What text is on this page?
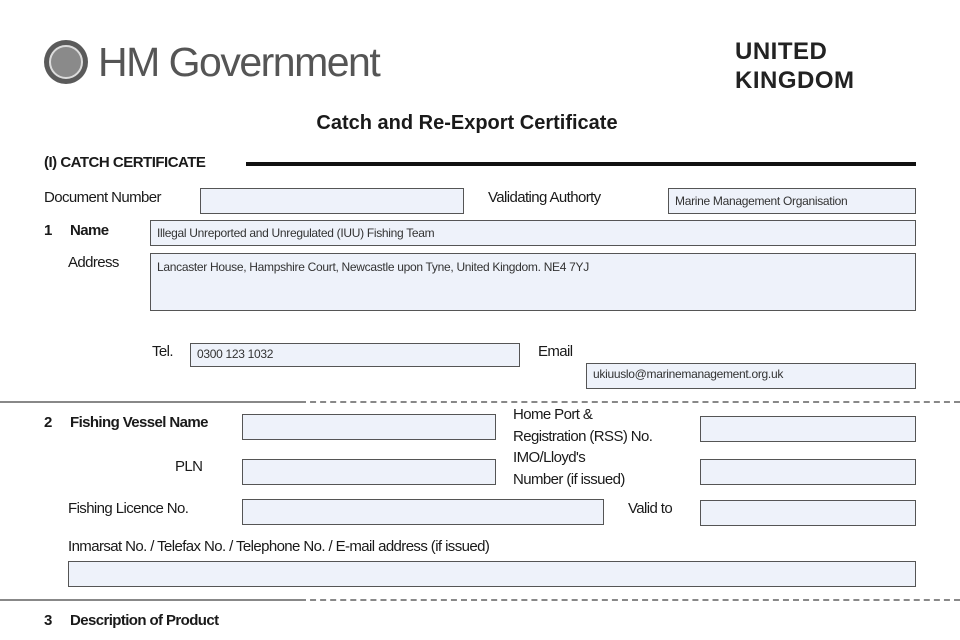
HM Government	UNITED
KINGDOM
Catch and Re-Export Certificate
(I) CATCH CERTIFICATE
Document Number	Validating Authorty	Marine Management Organisation
1 Name	Illegal Unreported and Unregulated (IUU) Fishing Team
Address	Lancaster House, Hampshire Court, Newcastle upon Tyne, United Kingdom. NE4 7YJ
Tel.	0300 123 1032	Email
ukiuuslo@marinemanagement.org.uk
2 Fishing Vessel Name	Home Port &
Registration (RSS) No.
PLN
IMO/Lloyd's
Number (if issued)
Fishing Licence No.	Valid to
Inmarsat No. / Telefax No. / Telephone No. / E-mail address (if issued)
3 Description of Product
